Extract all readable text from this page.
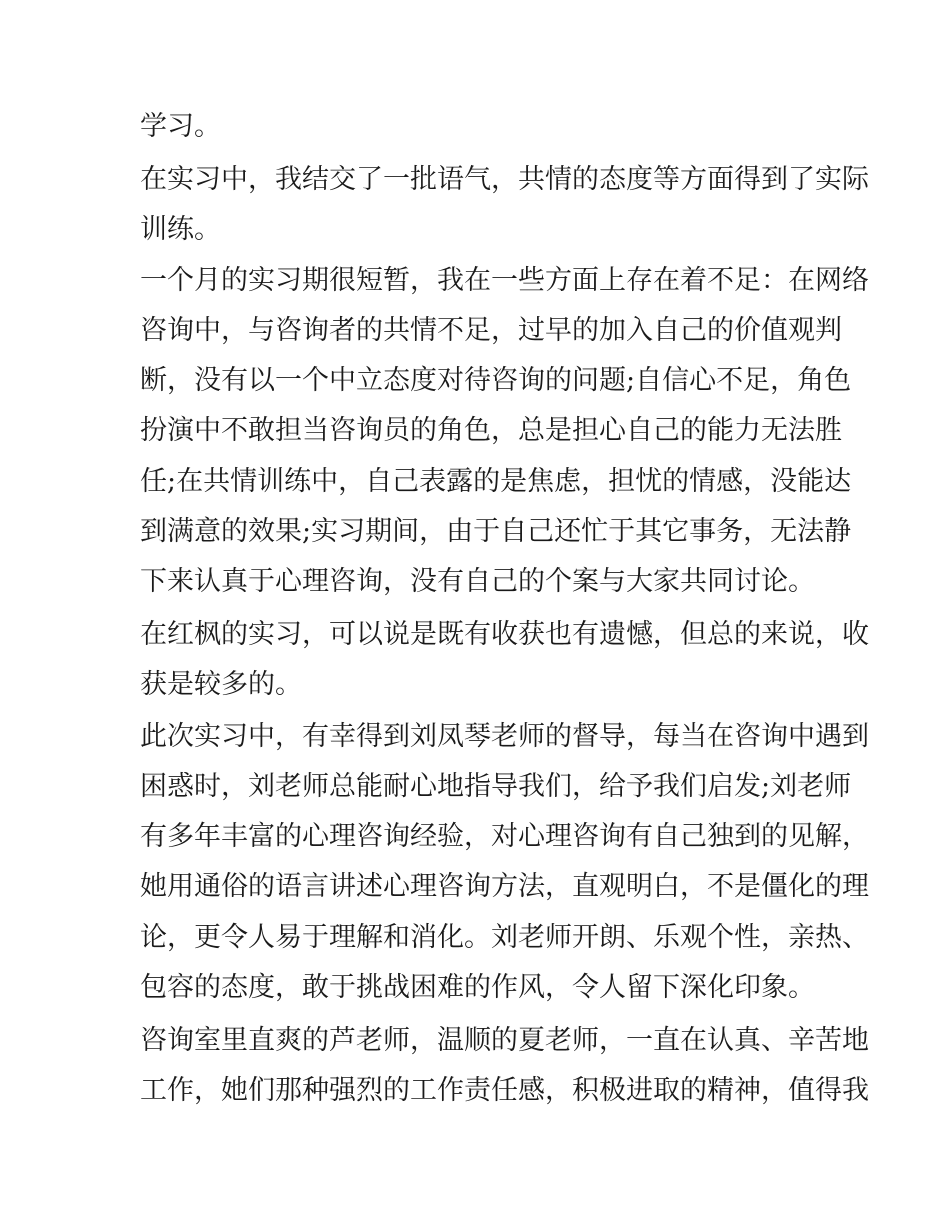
学习。
在实习中，我结交了一批语气，共情的态度等方面得到了实际
训练。
一个月的实习期很短暂，我在一些方面上存在着不足：在网络
咨询中，与咨询者的共情不足，过早的加入自己的价值观判
断，没有以一个中立态度对待咨询的问题;自信心不足，角色
扮演中不敢担当咨询员的角色，总是担心自己的能力无法胜
任;在共情训练中，自己表露的是焦虑，担忧的情感，没能达
到满意的效果;实习期间，由于自己还忙于其它事务，无法静
下来认真于心理咨询，没有自己的个案与大家共同讨论。
在红枫的实习，可以说是既有收获也有遗憾，但总的来说，收
获是较多的。
此次实习中，有幸得到刘凤琴老师的督导，每当在咨询中遇到
困惑时，刘老师总能耐心地指导我们，给予我们启发;刘老师
有多年丰富的心理咨询经验，对心理咨询有自己独到的见解，
她用通俗的语言讲述心理咨询方法，直观明白，不是僵化的理
论，更令人易于理解和消化。刘老师开朗、乐观个性，亲热、
包容的态度，敢于挑战困难的作风，令人留下深化印象。
咨询室里直爽的芦老师，温顺的夏老师，一直在认真、辛苦地
工作，她们那种强烈的工作责任感，积极进取的精神，值得我
